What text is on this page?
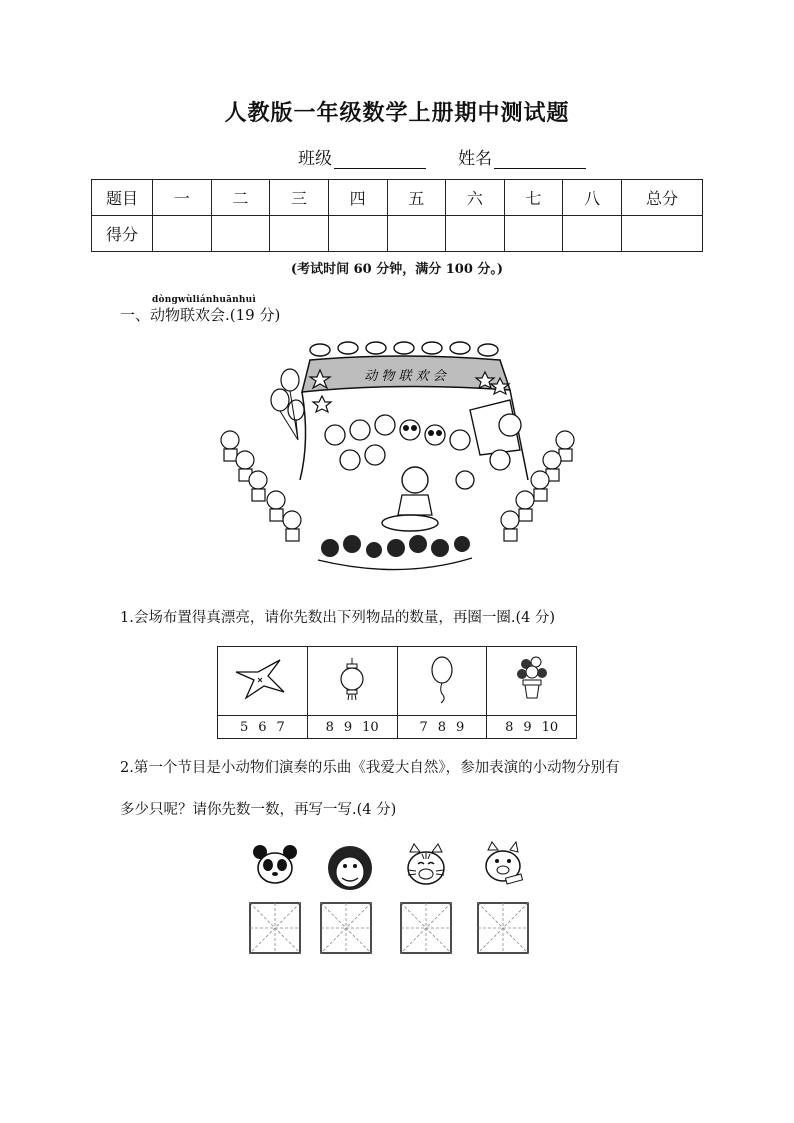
人教版一年级数学上册期中测试题
班级	姓名
题目	一	二	三	四	五	六	七	八	总分
得分									
(考试时间 60 分钟，满分 100 分。)
dòngwùliánhuānhuì
一、动物联欢会.(19 分)
动 物 联 欢 会
1.会场布置得真漂亮，请你先数出下列物品的数量，再圈一圈.(4 分)

5 6 7	8 9 10	7 8 9	8 9 10
2.第一个节目是小动物们演奏的乐曲《我爱大自然》，参加表演的小动物分别有
多少只呢？请你先数一数，再写一写.(4 分)
